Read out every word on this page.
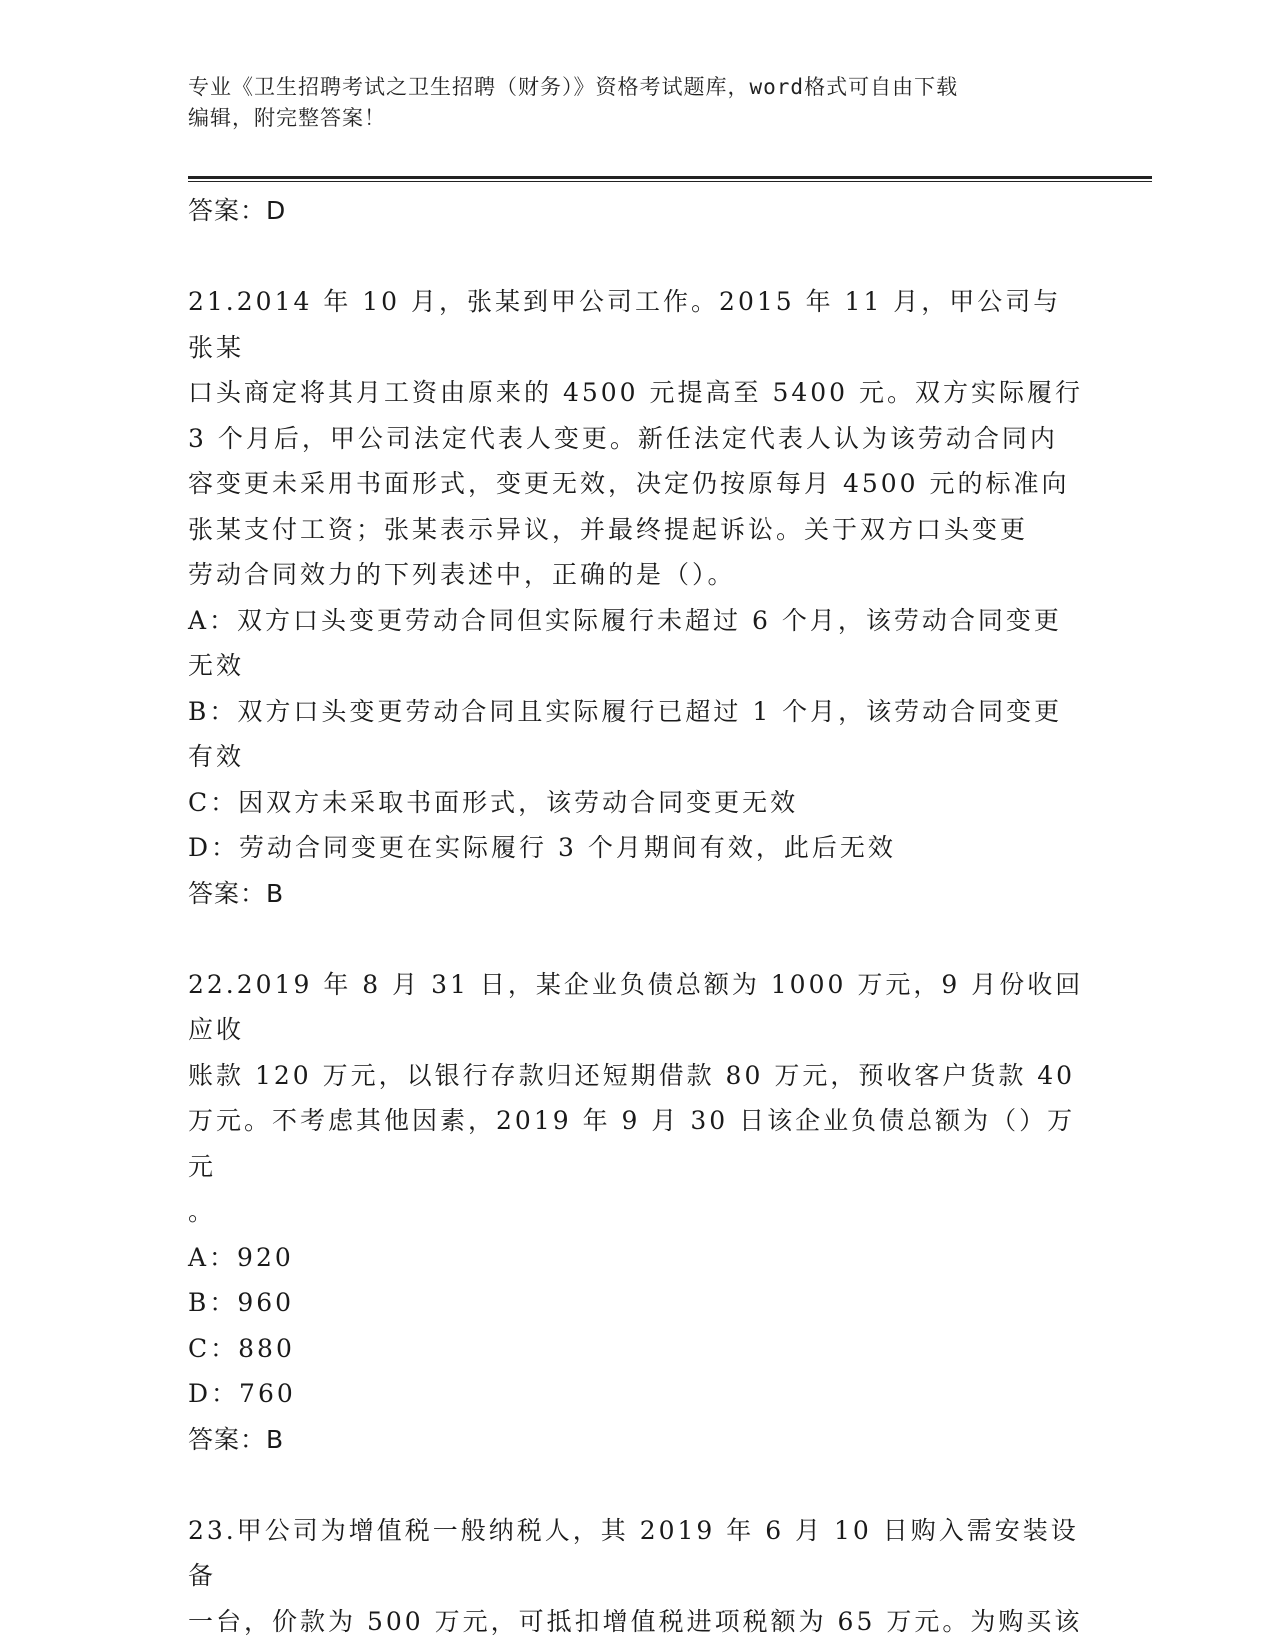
专业《卫生招聘考试之卫生招聘（财务）》资格考试题库，word格式可自由下载
编辑，附完整答案！

答案：D

21.2014 年 10 月，张某到甲公司工作。2015 年 11 月，甲公司与张某
口头商定将其月工资由原来的 4500 元提高至 5400 元。双方实际履行
3 个月后，甲公司法定代表人变更。新任法定代表人认为该劳动合同内
容变更未采用书面形式，变更无效，决定仍按原每月 4500 元的标准向
张某支付工资；张某表示异议，并最终提起诉讼。关于双方口头变更
劳动合同效力的下列表述中，正确的是（）。

A：双方口头变更劳动合同但实际履行未超过 6 个月，该劳动合同变更
无效

B：双方口头变更劳动合同且实际履行已超过 1 个月，该劳动合同变更
有效

C：因双方未采取书面形式，该劳动合同变更无效

D：劳动合同变更在实际履行 3 个月期间有效，此后无效

答案：B

22.2019 年 8 月 31 日，某企业负债总额为 1000 万元，9 月份收回应收
账款 120 万元，以银行存款归还短期借款 80 万元，预收客户货款 40
万元。不考虑其他因素，2019 年 9 月 30 日该企业负债总额为（）万元
。

A：920

B：960

C：880

D：760

答案：B

23.甲公司为增值税一般纳税人，其 2019 年 6 月 10 日购入需安装设备
一台，价款为 500 万元，可抵扣增值税进项税额为 65 万元。为购买该
